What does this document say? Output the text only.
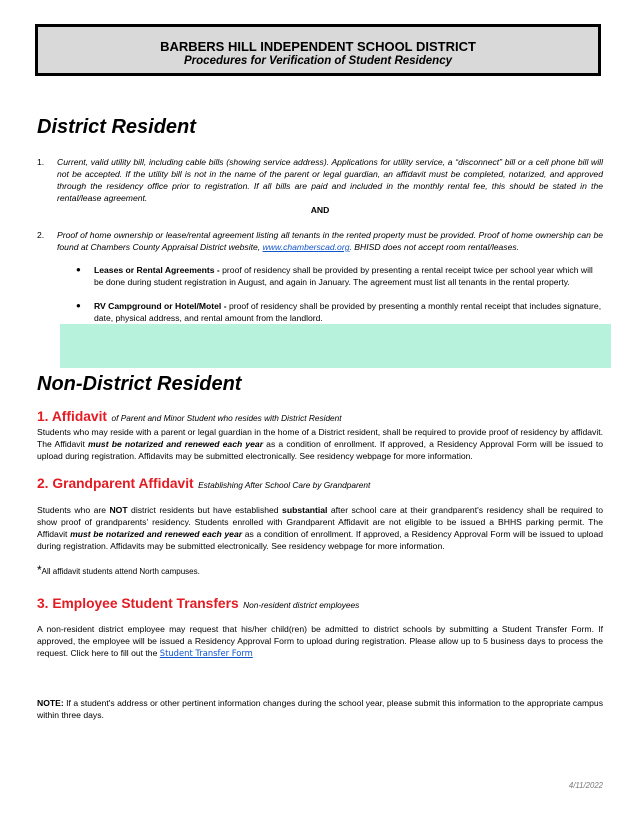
BARBERS HILL INDEPENDENT SCHOOL DISTRICT
Procedures for Verification of Student Residency
District Resident
1. Current, valid utility bill, including cable bills (showing service address). Applications for utility service, a “disconnect” bill or a cell phone bill will not be accepted. If the utility bill is not in the name of the parent or legal guardian, an affidavit must be completed, notarized, and approved through the residency office prior to registration. If all bills are paid and included in the monthly rental fee, this should be stated in the rental/lease agreement.
AND
2. Proof of home ownership or lease/rental agreement listing all tenants in the rented property must be provided. Proof of home ownership can be found at Chambers County Appraisal District website, www.chamberscad.org. BHISD does not accept room rental/leases.
● Leases or Rental Agreements - proof of residency shall be provided by presenting a rental receipt twice per school year which will be done during student registration in August, and again in January. The agreement must list all tenants in the rental property.
● RV Campground or Hotel/Motel - proof of residency shall be provided by presenting a monthly rental receipt that includes signature, date, physical address, and rental amount from the landlord.
Non-District Resident
1. Affidavit of Parent and Minor Student who resides with District Resident
Students who may reside with a parent or legal guardian in the home of a District resident, shall be required to provide proof of residency by affidavit. The Affidavit must be notarized and renewed each year as a condition of enrollment. If approved, a Residency Approval Form will be issued to upload during registration. Affidavits may be submitted electronically. See residency webpage for more information.
2. Grandparent Affidavit Establishing After School Care by Grandparent
Students who are NOT district residents but have established substantial after school care at their grandparent's residency shall be required to show proof of grandparents' residency. Students enrolled with Grandparent Affidavit are not eligible to be issued a BHHS parking permit. The Affidavit must be notarized and renewed each year as a condition of enrollment. If approved, a Residency Approval Form will be issued to upload during registration. Affidavits may be submitted electronically. See residency webpage for more information.
*All affidavit students attend North campuses.
3. Employee Student Transfers Non-resident district employees
A non-resident district employee may request that his/her child(ren) be admitted to district schools by submitting a Student Transfer Form. If approved, the employee will be issued a Residency Approval Form to upload during registration. Please allow up to 5 business days to process the request. Click here to fill out the Student Transfer Form
NOTE: If a student's address or other pertinent information changes during the school year, please submit this information to the appropriate campus within three days.
4/11/2022
